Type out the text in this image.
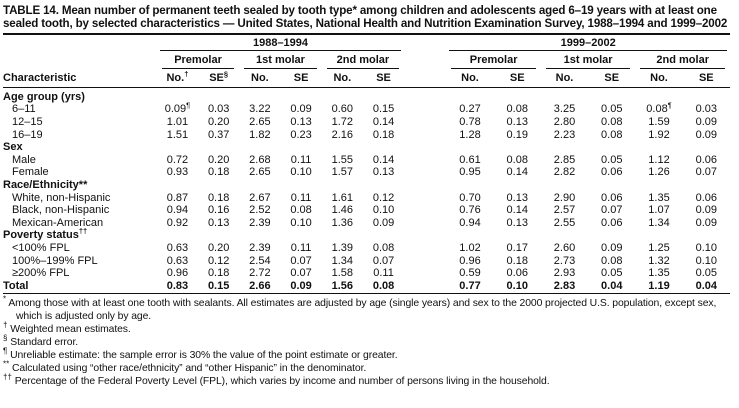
TABLE 14. Mean number of permanent teeth sealed by tooth type* among children and adolescents aged 6–19 years with at least one sealed tooth, by selected characteristics — United States, National Health and Nutrition Examination Survey, 1988–1994 and 1999–2002

	1988–1994							1999–2002					

	Premolar		1st molar		2nd molar			Premolar		1st molar		2nd molar	

Characteristic	No.†	SE§	No.	SE	No.	SE		No.	SE	No.	SE	No.	SE
Age group (yrs)													
6–11	0.09¶	0.03	3.22	0.09	0.60	0.15		0.27	0.08	3.25	0.05	0.08¶	0.03
12–15	1.01	0.20	2.65	0.13	1.72	0.14		0.78	0.13	2.80	0.08	1.59	0.09
16–19	1.51	0.37	1.82	0.23	2.16	0.18		1.28	0.19	2.23	0.08	1.92	0.09
Sex													
Male	0.72	0.20	2.68	0.11	1.55	0.14		0.61	0.08	2.85	0.05	1.12	0.06
Female	0.93	0.18	2.65	0.10	1.57	0.13		0.95	0.14	2.82	0.06	1.26	0.07
Race/Ethnicity**													
White, non-Hispanic	0.87	0.18	2.67	0.11	1.61	0.12		0.70	0.13	2.90	0.06	1.35	0.06
Black, non-Hispanic	0.94	0.16	2.52	0.08	1.46	0.10		0.76	0.14	2.57	0.07	1.07	0.09
Mexican-American	0.92	0.13	2.39	0.10	1.36	0.09		0.94	0.13	2.55	0.06	1.34	0.09
Poverty status††	
<100% FPL	0.63	0.20	2.39	0.11	1.39	0.08		1.02	0.17	2.60	0.09	1.25	0.10
100%–199% FPL	0.63	0.12	2.54	0.07	1.34	0.07		0.96	0.18	2.73	0.08	1.32	0.10
≥200% FPL	0.96	0.18	2.72	0.07	1.58	0.11		0.59	0.06	2.93	0.05	1.35	0.05
Total	0.83	0.15	2.66	0.09	1.56	0.08		0.77	0.10	2.83	0.04	1.19	0.04
* Among those with at least one tooth with sealants. All estimates are adjusted by age (single years) and sex to the 2000 projected U.S. population, except sex, which is adjusted only by age.
† Weighted mean estimates.
§ Standard error.
¶ Unreliable estimate: the sample error is 30% the value of the point estimate or greater.
** Calculated using “other race/ethnicity” and “other Hispanic” in the denominator.
†† Percentage of the Federal Poverty Level (FPL), which varies by income and number of persons living in the household.
